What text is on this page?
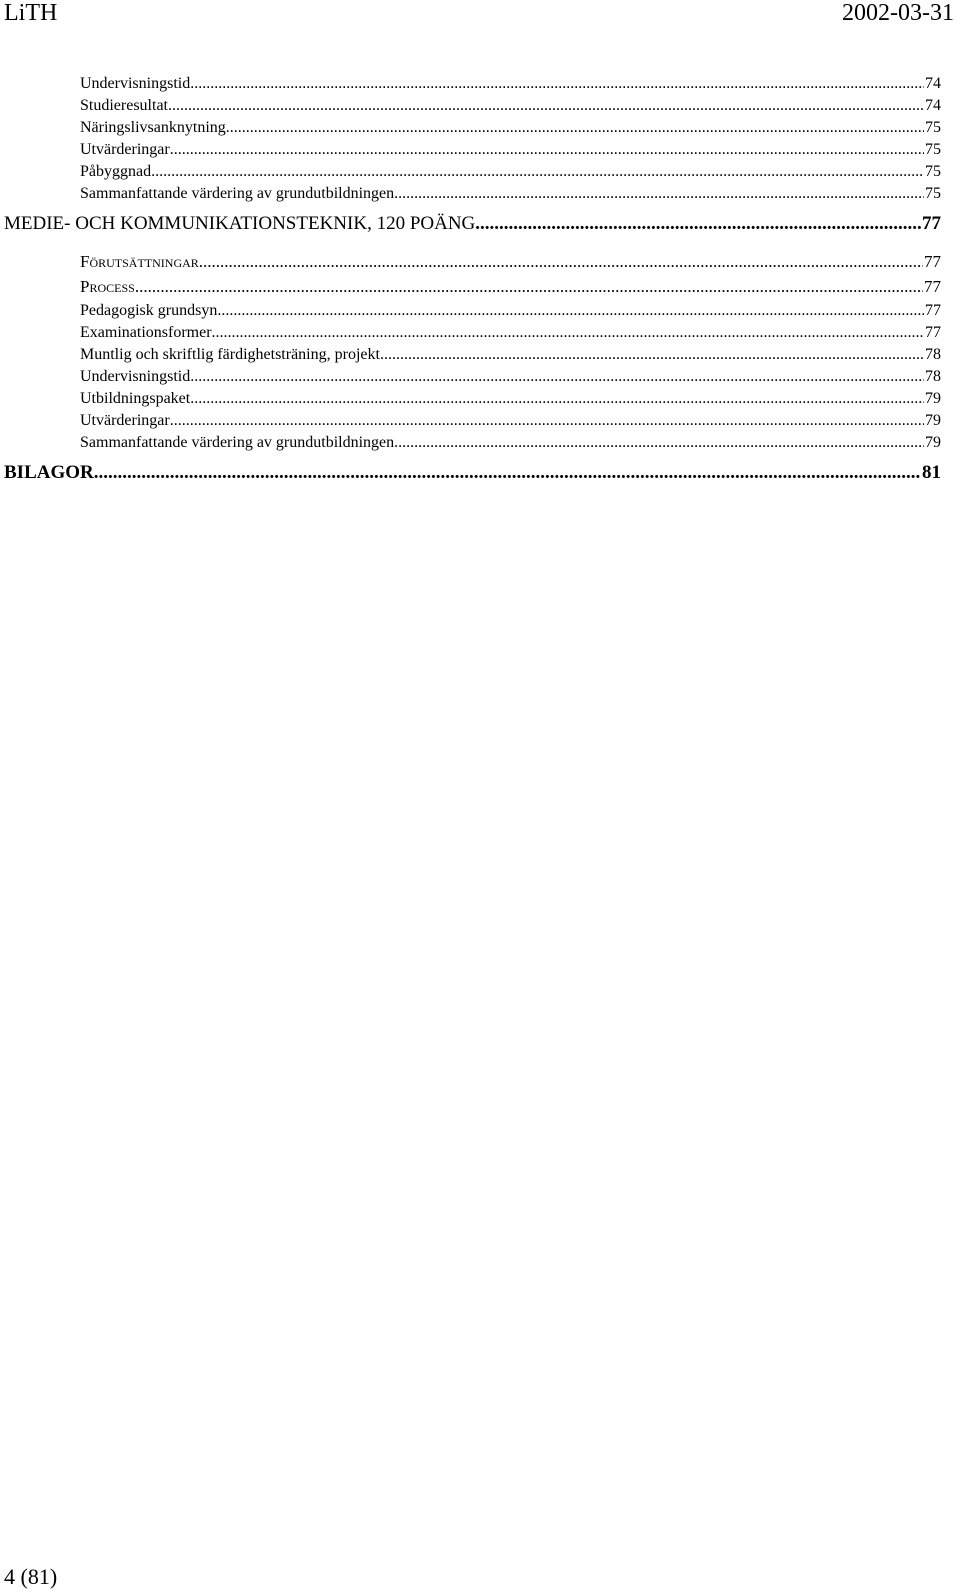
LiTH	2002-03-31
Undervisningstid .....	74
Studieresultat .....	74
Näringslivsanknytning .....	75
Utvärderingar .....	75
Påbyggnad .....	75
Sammanfattande värdering av grundutbildningen .....	75
MEDIE- OCH KOMMUNIKATIONSTEKNIK, 120 POÄNG .....	77
Förutsättningar .....	77
Process .....	77
Pedagogisk grundsyn .....	77
Examinationsformer .....	77
Muntlig och skriftlig färdighetsträning, projekt .....	78
Undervisningstid .....	78
Utbildningspaket .....	79
Utvärderingar .....	79
Sammanfattande värdering av grundutbildningen .....	79
BILAGOR .....	81
4 (81)
